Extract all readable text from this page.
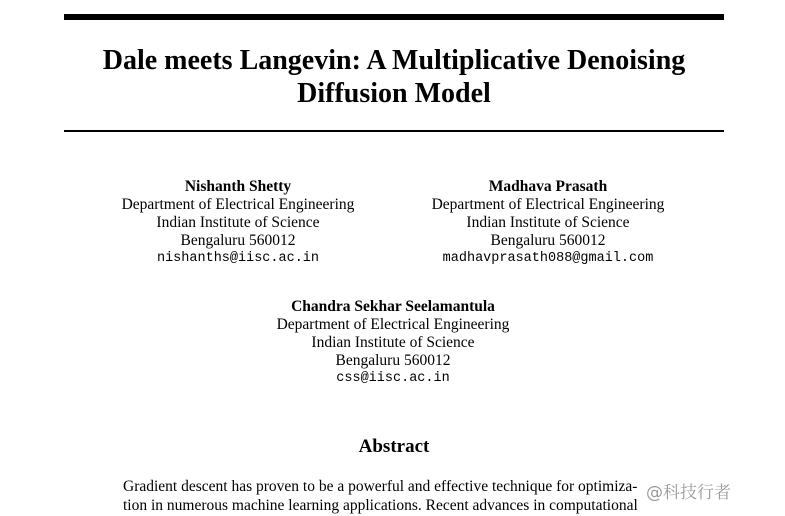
Dale meets Langevin: A Multiplicative Denoising
Diffusion Model
Nishanth Shetty
Department of Electrical Engineering
Indian Institute of Science
Bengaluru 560012
nishanths@iisc.ac.in
Madhava Prasath
Department of Electrical Engineering
Indian Institute of Science
Bengaluru 560012
madhavprasath088@gmail.com
Chandra Sekhar Seelamantula
Department of Electrical Engineering
Indian Institute of Science
Bengaluru 560012
css@iisc.ac.in
Abstract
Gradient descent has proven to be a powerful and effective technique for optimiza-
tion in numerous machine learning applications. Recent advances in computational
@科技行者
